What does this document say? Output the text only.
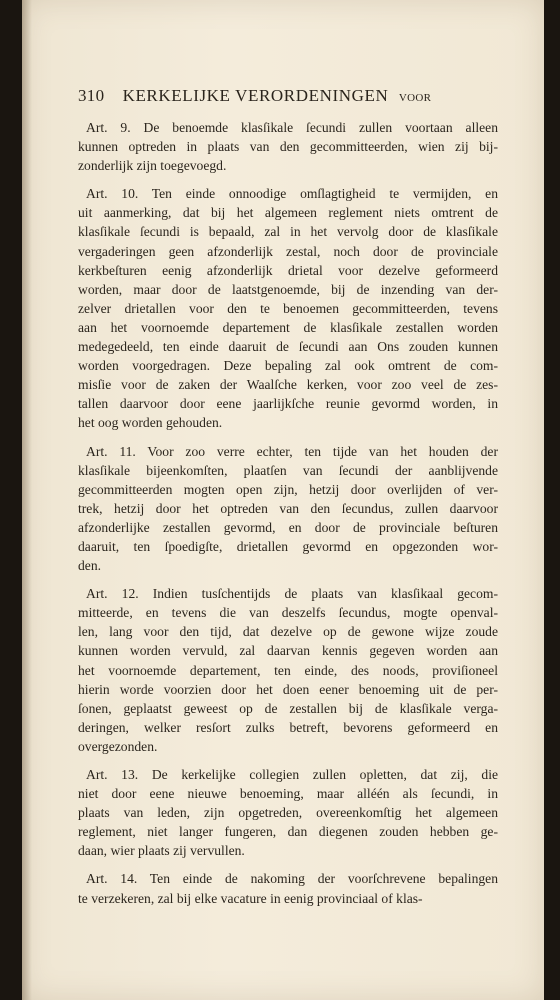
310 KERKELIJKE VERORDENINGEN voor
Art. 9. De benoemde klasſikale ſecundi zullen voortaan alleen
kunnen optreden in plaats van den gecommitteerden, wien zij bij-
zonderlijk zijn toegevoegd.
Art. 10. Ten einde onnoodige omſlagtigheid te vermijden, en
uit aanmerking, dat bij het algemeen reglement niets omtrent de
klasſikale ſecundi is bepaald, zal in het vervolg door de klasſikale
vergaderingen geen afzonderlijk zestal, noch door de provinciale
kerkbeſturen eenig afzonderlijk drietal voor dezelve geformeerd
worden, maar door de laatstgenoemde, bij de inzending van der-
zelver drietallen voor den te benoemen gecommitteerden, tevens
aan het voornoemde departement de klasſikale zestallen worden
medegedeeld, ten einde daaruit de ſecundi aan Ons zouden kunnen
worden voorgedragen. Deze bepaling zal ook omtrent de com-
misſie voor de zaken der Waalſche kerken, voor zoo veel de zes-
tallen daarvoor door eene jaarlijkſche reunie gevormd worden, in
het oog worden gehouden.
Art. 11. Voor zoo verre echter, ten tijde van het houden der
klasſikale bijeenkomſten, plaatſen van ſecundi der aanblijvende
gecommitteerden mogten open zijn, hetzij door overlijden of ver-
trek, hetzij door het optreden van den ſecundus, zullen daarvoor
afzonderlijke zestallen gevormd, en door de provinciale beſturen
daaruit, ten ſpoedigſte, drietallen gevormd en opgezonden wor-
den.
Art. 12. Indien tusſchentijds de plaats van klasſikaal gecom-
mitteerde, en tevens die van deszelfs ſecundus, mogte openval-
len, lang voor den tijd, dat dezelve op de gewone wijze zoude
kunnen worden vervuld, zal daarvan kennis gegeven worden aan
het voornoemde departement, ten einde, des noods, proviſioneel
hierin worde voorzien door het doen eener benoeming uit de per-
ſonen, geplaatst geweest op de zestallen bij de klasſikale verga-
deringen, welker resſort zulks betreft, bevorens geformeerd en
overgezonden.
Art. 13. De kerkelijke collegien zullen opletten, dat zij, die
niet door eene nieuwe benoeming, maar alléén als ſecundi, in
plaats van leden, zijn opgetreden, overeenkomſtig het algemeen
reglement, niet langer fungeren, dan diegenen zouden hebben ge-
daan, wier plaats zij vervullen.
Art. 14. Ten einde de nakoming der voorſchrevene bepalingen
te verzekeren, zal bij elke vacature in eenig provinciaal of klas-
